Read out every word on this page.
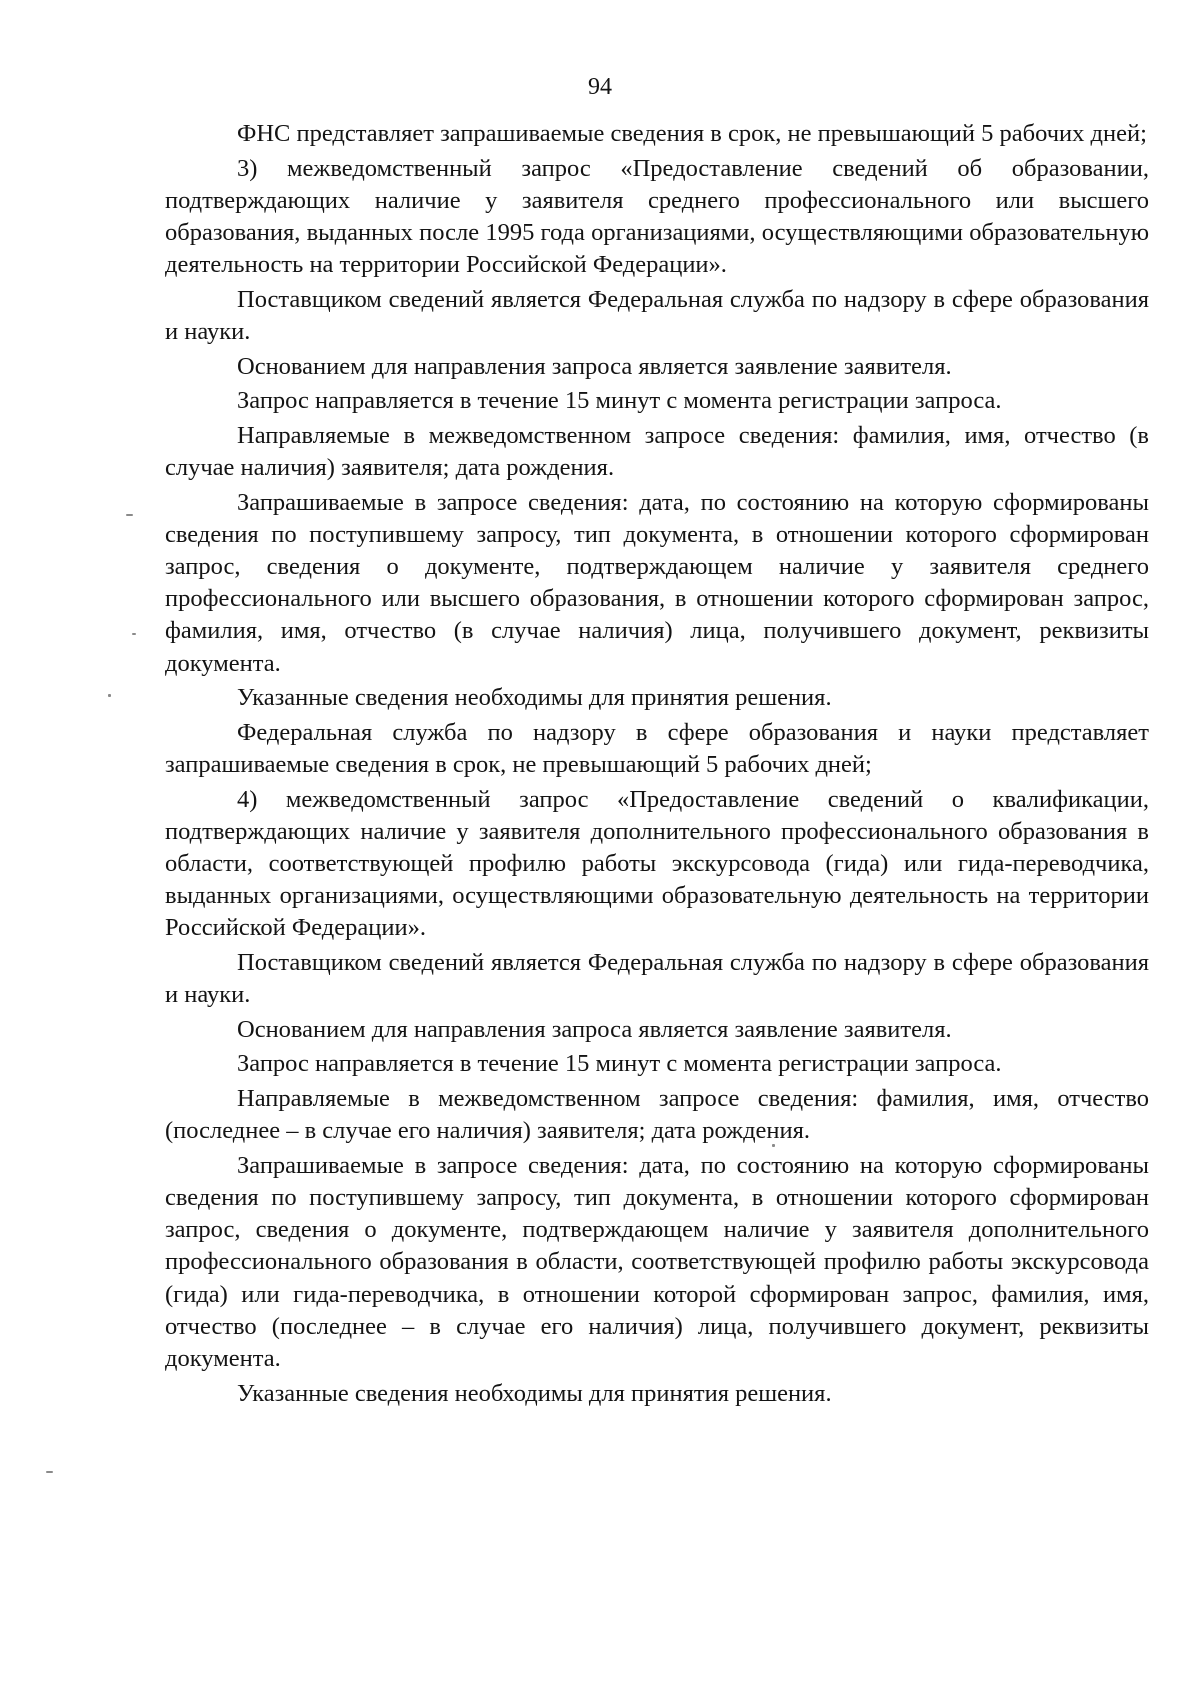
94

ФНС представляет запрашиваемые сведения в срок, не превышающий 5 рабочих дней;

3) межведомственный запрос «Предоставление сведений об образовании, подтверждающих наличие у заявителя среднего профессионального или высшего образования, выданных после 1995 года организациями, осуществляющими образовательную деятельность на территории Российской Федерации».

Поставщиком сведений является Федеральная служба по надзору в сфере образования и науки.

Основанием для направления запроса является заявление заявителя.

Запрос направляется в течение 15 минут с момента регистрации запроса.

Направляемые в межведомственном запросе сведения: фамилия, имя, отчество (в случае наличия) заявителя; дата рождения.

Запрашиваемые в запросе сведения: дата, по состоянию на которую сформированы сведения по поступившему запросу, тип документа, в отношении которого сформирован запрос, сведения о документе, подтверждающем наличие у заявителя среднего профессионального или высшего образования, в отношении которого сформирован запрос, фамилия, имя, отчество (в случае наличия) лица, получившего документ, реквизиты документа.

Указанные сведения необходимы для принятия решения.

Федеральная служба по надзору в сфере образования и науки представляет запрашиваемые сведения в срок, не превышающий 5 рабочих дней;

4) межведомственный запрос «Предоставление сведений о квалификации, подтверждающих наличие у заявителя дополнительного профессионального образования в области, соответствующей профилю работы экскурсовода (гида) или гида-переводчика, выданных организациями, осуществляющими образовательную деятельность на территории Российской Федерации».

Поставщиком сведений является Федеральная служба по надзору в сфере образования и науки.

Основанием для направления запроса является заявление заявителя.

Запрос направляется в течение 15 минут с момента регистрации запроса.

Направляемые в межведомственном запросе сведения: фамилия, имя, отчество (последнее – в случае его наличия) заявителя; дата рождения.

Запрашиваемые в запросе сведения: дата, по состоянию на которую сформированы сведения по поступившему запросу, тип документа, в отношении которого сформирован запрос, сведения о документе, подтверждающем наличие у заявителя дополнительного профессионального образования в области, соответствующей профилю работы экскурсовода (гида) или гида-переводчика, в отношении которой сформирован запрос, фамилия, имя, отчество (последнее – в случае его наличия) лица, получившего документ, реквизиты документа.

Указанные сведения необходимы для принятия решения.
